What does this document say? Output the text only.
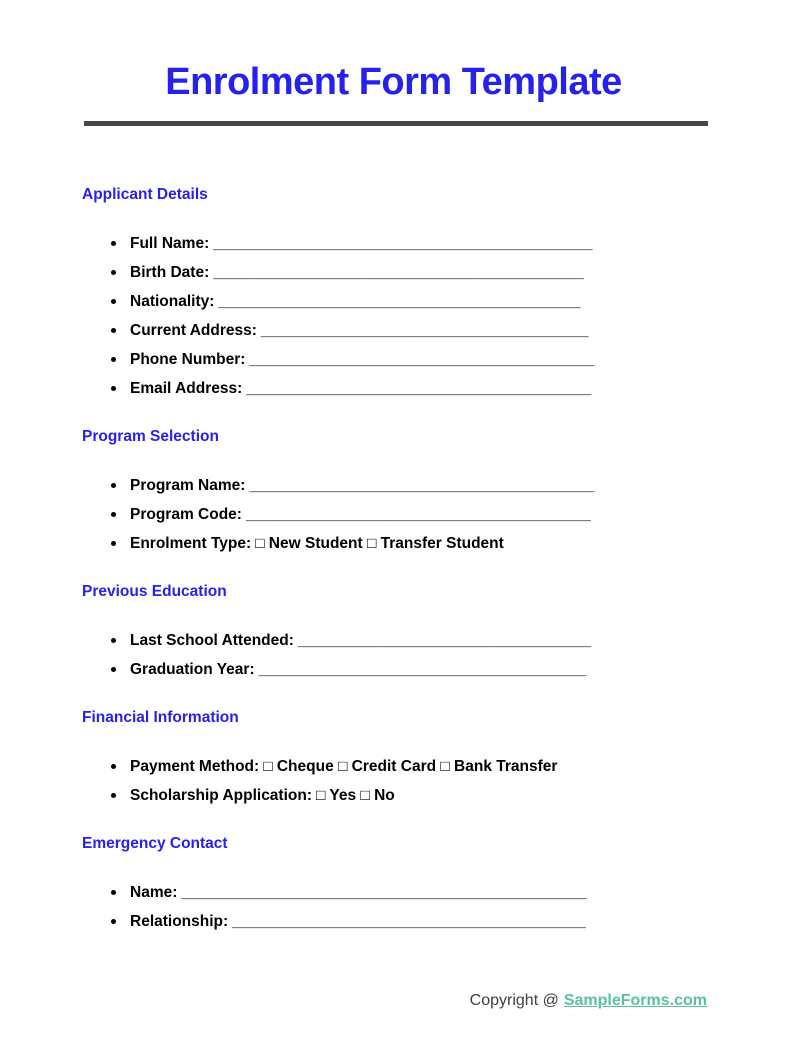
Enrolment Form Template
Applicant Details
Full Name: ____________________________________________
Birth Date: ___________________________________________
Nationality: __________________________________________
Current Address: ______________________________________
Phone Number: ________________________________________
Email Address: ________________________________________
Program Selection
Program Name: ________________________________________
Program Code: ________________________________________
Enrolment Type: □ New Student □ Transfer Student
Previous Education
Last School Attended: __________________________________
Graduation Year: ______________________________________
Financial Information
Payment Method: □ Cheque □ Credit Card □ Bank Transfer
Scholarship Application: □ Yes □ No
Emergency Contact
Name: _______________________________________________
Relationship: _________________________________________
Copyright @ SampleForms.com
